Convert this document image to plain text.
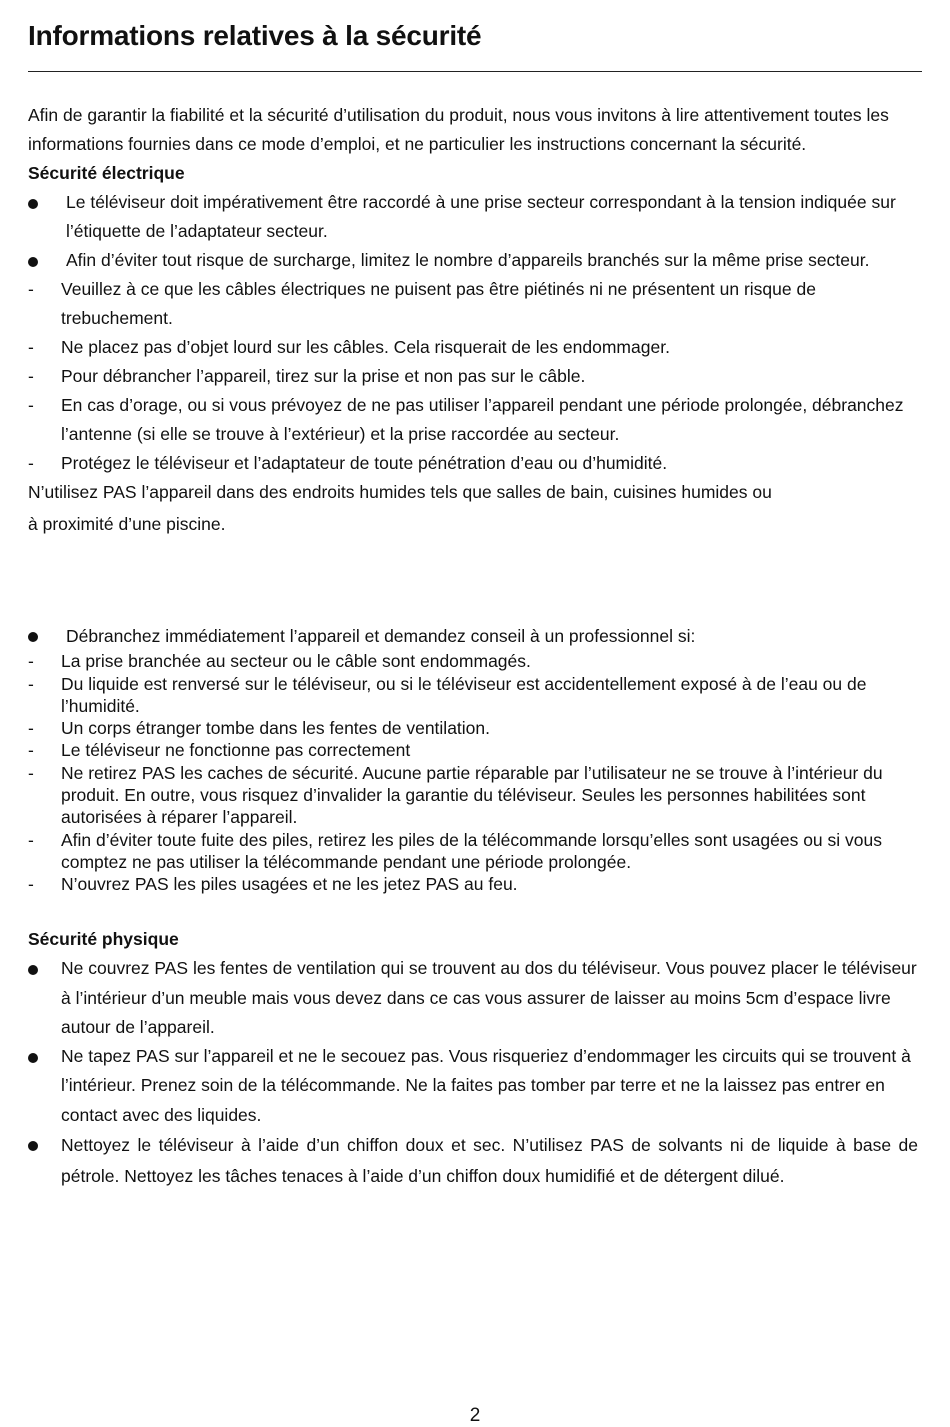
Informations relatives à la sécurité

Afin de garantir la fiabilité et la sécurité d’utilisation du produit, nous vous invitons à lire attentivement toutes les informations fournies dans ce mode d’emploi, et ne particulier les instructions concernant la sécurité.

Sécurité électrique

Le téléviseur doit impérativement être raccordé à une prise secteur correspondant à la tension indiquée sur l’étiquette de l’adaptateur secteur.
Afin d’éviter tout risque de surcharge, limitez le nombre d’appareils branchés sur la même prise secteur.
- Veuillez à ce que les câbles électriques ne puisent pas être piétinés ni ne présentent un risque de trebuchement.
- Ne placez pas d’objet lourd sur les câbles. Cela risquerait de les endommager.
- Pour débrancher l’appareil, tirez sur la prise et non pas sur le câble.
- En cas d’orage, ou si vous prévoyez de ne pas utiliser l’appareil pendant une période prolongée, débranchez l’antenne (si elle se trouve à l’extérieur) et la prise raccordée au secteur.
- Protégez le téléviseur et l’adaptateur de toute pénétration d’eau ou d’humidité.

N’utilisez PAS l’appareil dans des endroits humides tels que salles de bain, cuisines humides ou

à proximité d’une piscine.

Débranchez immédiatement l’appareil et demandez conseil à un professionnel si:
- La prise branchée au secteur ou le câble sont endommagés.
- Du liquide est renversé sur le téléviseur, ou si le téléviseur est accidentellement exposé à de l’eau ou de l’humidité.
- Un corps étranger tombe dans les fentes de ventilation.
- Le téléviseur ne fonctionne pas correctement
- Ne retirez PAS les caches de sécurité. Aucune partie réparable par l’utilisateur ne se trouve à l’intérieur du produit. En outre, vous risquez d’invalider la garantie du téléviseur. Seules les personnes habilitées sont autorisées à réparer l’appareil.
- Afin d’éviter toute fuite des piles, retirez les piles de la télécommande lorsqu’elles sont usagées ou si vous comptez ne pas utiliser la télécommande pendant une période prolongée.
- N’ouvrez PAS les piles usagées et ne les jetez PAS au feu.

Sécurité physique

Ne couvrez PAS les fentes de ventilation qui se trouvent au dos du téléviseur. Vous pouvez placer le téléviseur à l’intérieur d’un meuble mais vous devez dans ce cas vous assurer de laisser au moins 5cm d’espace livre autour de l’appareil.
Ne tapez PAS sur l’appareil et ne le secouez pas. Vous risqueriez d’endommager les circuits qui se trouvent à l’intérieur. Prenez soin de la télécommande. Ne la faites pas tomber par terre et ne la laissez pas entrer en contact avec des liquides.
Nettoyez le téléviseur à l’aide d’un chiffon doux et sec. N’utilisez PAS de solvants ni de liquide à base de pétrole. Nettoyez les tâches tenaces à l’aide d’un chiffon doux humidifié et de détergent dilué.
2
